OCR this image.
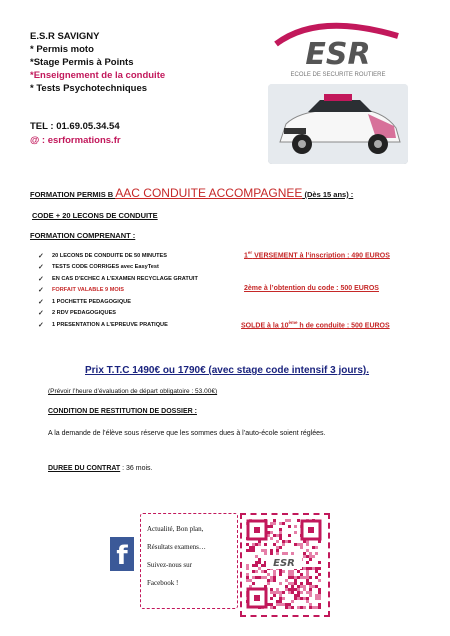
E.S.R SAVIGNY
* Permis moto
*Stage Permis à Points
*Enseignement de la conduite
* Tests Psychotechniques
TEL : 01.69.05.34.54
@ : esrformations.fr
ESR
ECOLE DE SECURITE ROUTIERE
FORMATION PERMIS B AAC CONDUITE ACCOMPAGNEE (Dès 15 ans) :
CODE + 20 LECONS DE CONDUITE
FORMATION COMPRENANT :
✓	20 LECONS DE CONDUITE DE 50 MINUTES
✓	TESTS CODE CORRIGES avec EasyTest
✓	EN CAS D’ECHEC A L’EXAMEN RECYCLAGE GRATUIT
✓	FORFAIT VALABLE 9 MOIS
✓	1 POCHETTE PEDAGOGIQUE
✓	2 RDV PEDAGOGIQUES
✓	1 PRESENTATION A L’EPREUVE PRATIQUE
1er VERSEMENT à l’inscription : 490 EUROS
2ème à l’obtention du code : 500 EUROS
SOLDE à la 10ème h de conduite : 500 EUROS
Prix T.T.C 1490€ ou 1790€ (avec stage code intensif 3 jours).
(Prévoir l’heure d’évaluation de départ obligatoire : 53.00€)
CONDITION DE RESTITUTION DE DOSSIER :
A la demande de l’élève sous réserve que les sommes dues à l’auto-école soient réglées.
DUREE DU CONTRAT : 36 mois.
f
Actualité, Bon plan,
Résultats examens…
Suivez-nous sur
Facebook !
ESR
